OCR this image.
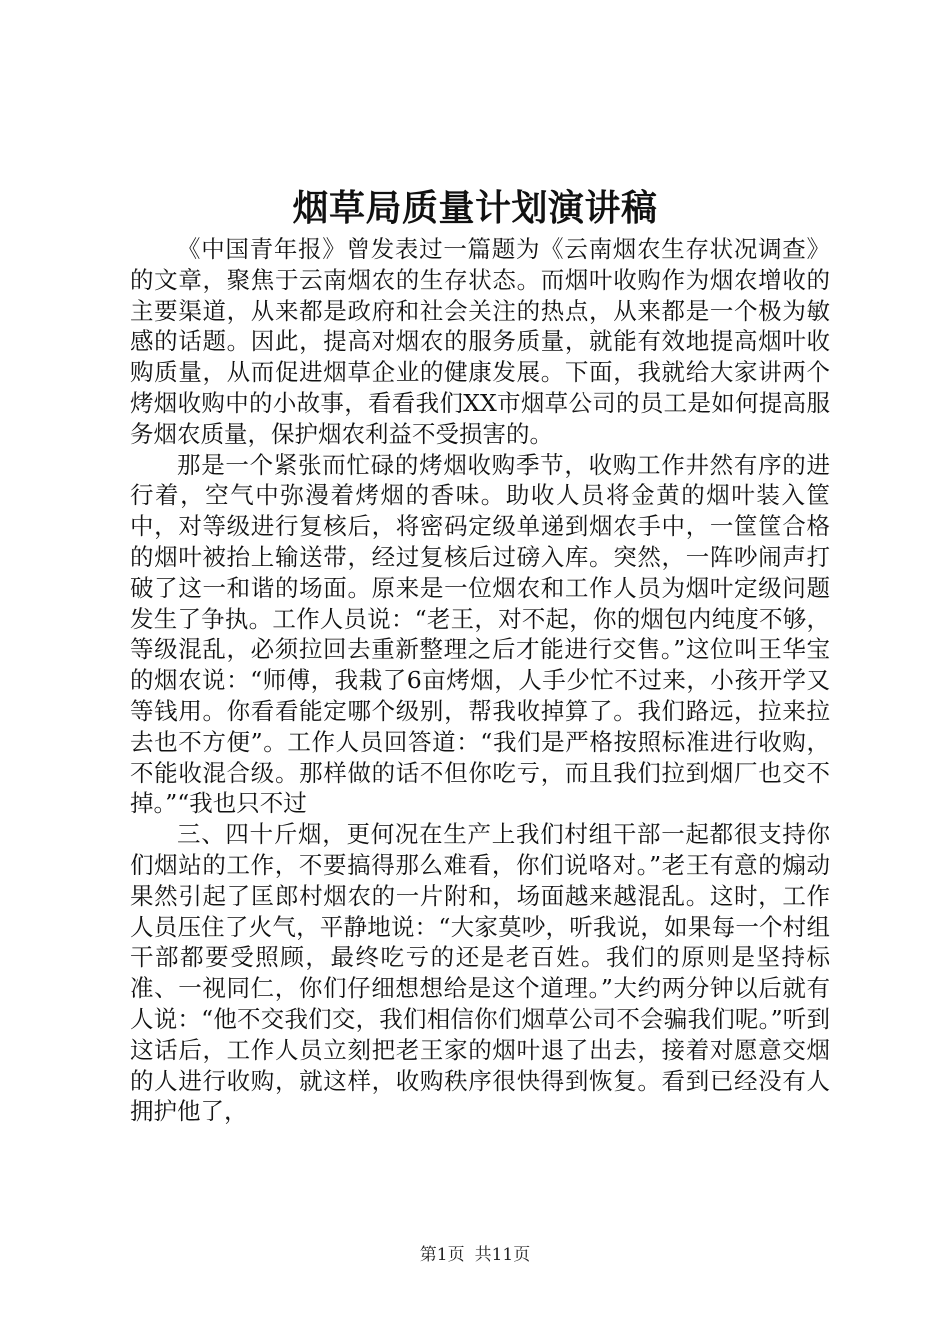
烟草局质量计划演讲稿

《中国青年报》曾发表过一篇题为《云南烟农生存状况调查》的文章，聚焦于云南烟农的生存状态。而烟叶收购作为烟农增收的主要渠道，从来都是政府和社会关注的热点，从来都是一个极为敏感的话题。因此，提高对烟农的服务质量，就能有效地提高烟叶收购质量，从而促进烟草企业的健康发展。下面，我就给大家讲两个烤烟收购中的小故事，看看我们XX市烟草公司的员工是如何提高服务烟农质量，保护烟农利益不受损害的。

那是一个紧张而忙碌的烤烟收购季节，收购工作井然有序的进行着，空气中弥漫着烤烟的香味。助收人员将金黄的烟叶装入筐中，对等级进行复核后，将密码定级单递到烟农手中，一筐筐合格的烟叶被抬上输送带，经过复核后过磅入库。突然，一阵吵闹声打破了这一和谐的场面。原来是一位烟农和工作人员为烟叶定级问题发生了争执。工作人员说：“老王，对不起，你的烟包内纯度不够，等级混乱，必须拉回去重新整理之后才能进行交售。”这位叫王华宝的烟农说：“师傅，我栽了6亩烤烟，人手少忙不过来，小孩开学又等钱用。你看看能定哪个级别，帮我收掉算了。我们路远，拉来拉去也不方便”。工作人员回答道：“我们是严格按照标准进行收购，不能收混合级。那样做的话不但你吃亏，而且我们拉到烟厂也交不掉。”“我也只不过

三、四十斤烟，更何况在生产上我们村组干部一起都很支持你们烟站的工作，不要搞得那么难看，你们说咯对。”老王有意的煽动果然引起了匡郎村烟农的一片附和，场面越来越混乱。这时，工作人员压住了火气，平静地说：“大家莫吵，听我说，如果每一个村组干部都要受照顾，最终吃亏的还是老百姓。我们的原则是坚持标准、一视同仁，你们仔细想想给是这个道理。”大约两分钟以后就有人说：“他不交我们交，我们相信你们烟草公司不会骗我们呢。”听到这话后，工作人员立刻把老王家的烟叶退了出去，接着对愿意交烟的人进行收购，就这样，收购秩序很快得到恢复。看到已经没有人拥护他了，

第1页 共11页
